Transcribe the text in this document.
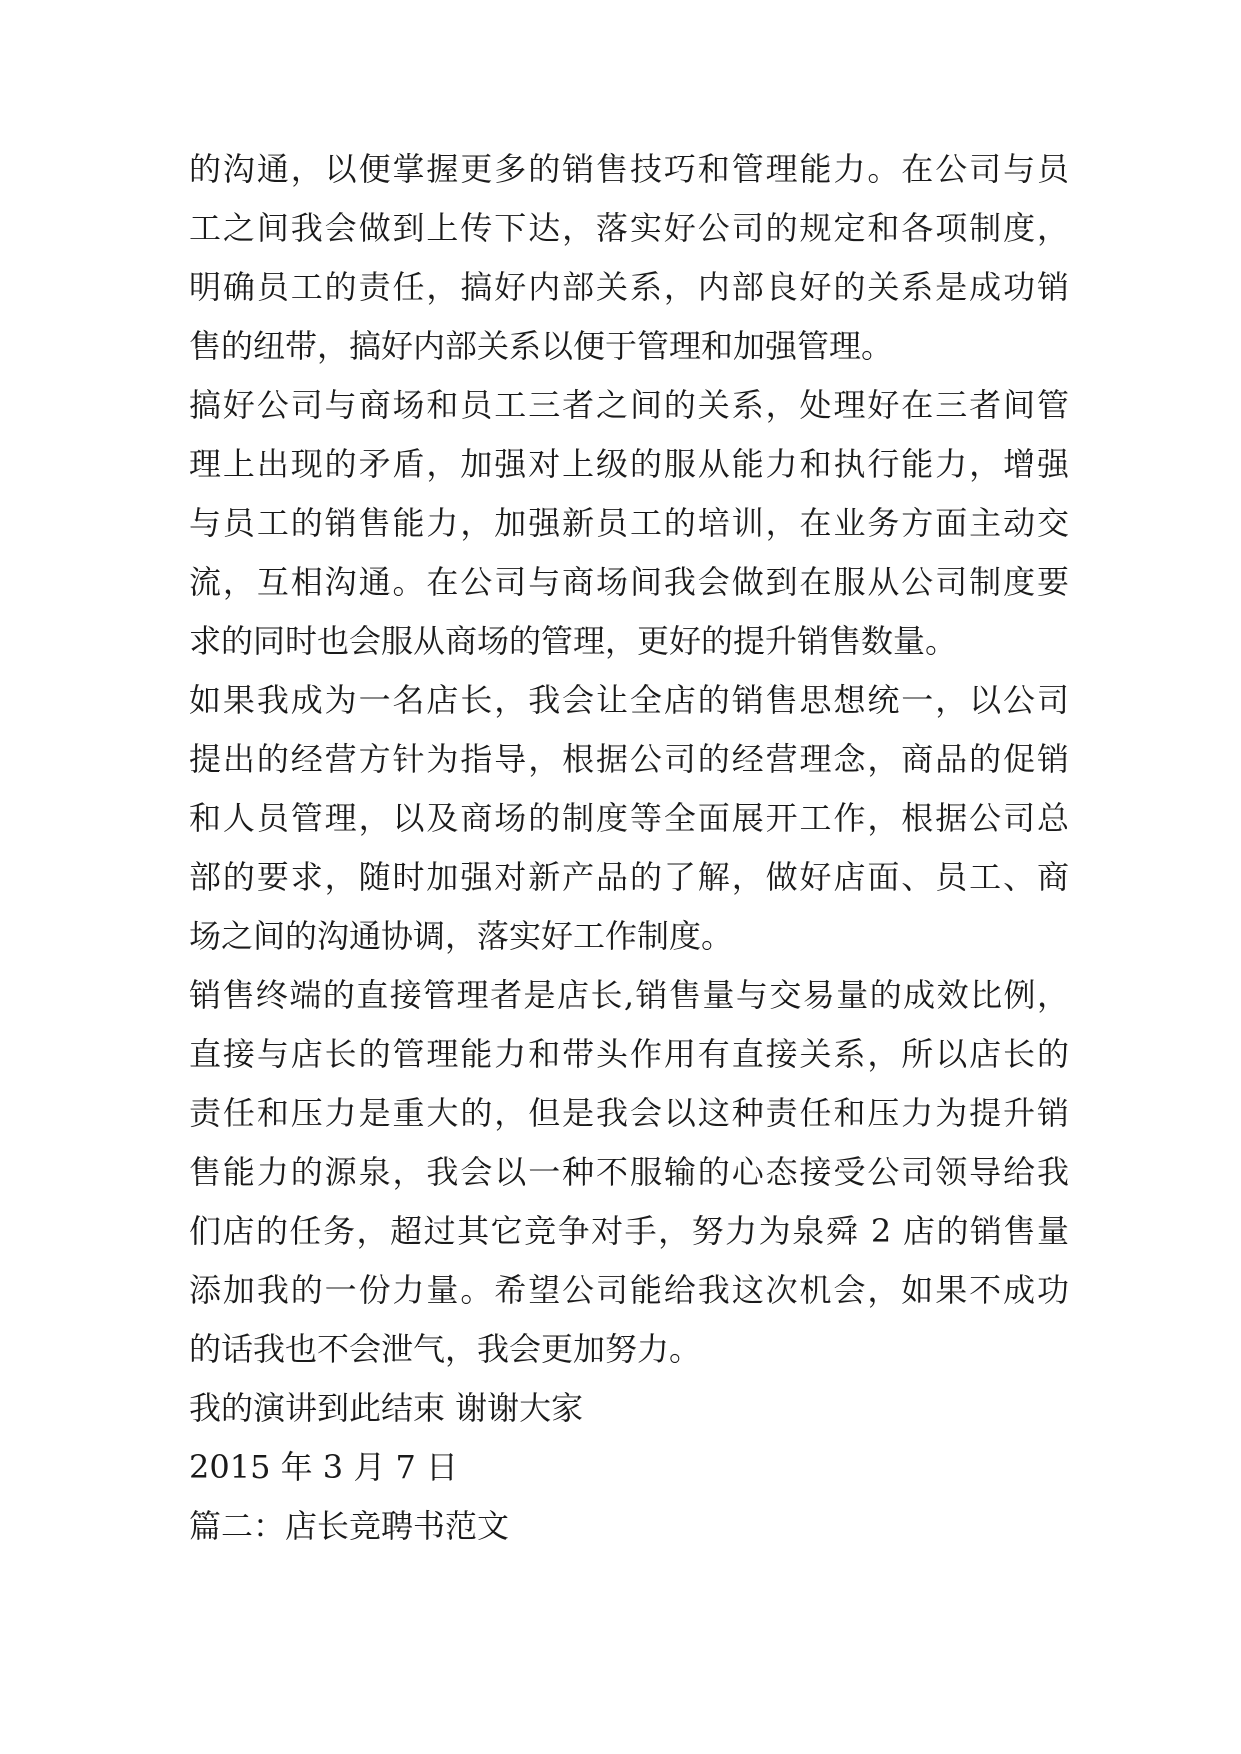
的沟通，以便掌握更多的销售技巧和管理能力。在公司与员
工之间我会做到上传下达，落实好公司的规定和各项制度，
明确员工的责任，搞好内部关系，内部良好的关系是成功销
售的纽带，搞好内部关系以便于管理和加强管理。
搞好公司与商场和员工三者之间的关系，处理好在三者间管
理上出现的矛盾，加强对上级的服从能力和执行能力，增强
与员工的销售能力，加强新员工的培训，在业务方面主动交
流，互相沟通。在公司与商场间我会做到在服从公司制度要
求的同时也会服从商场的管理，更好的提升销售数量。
如果我成为一名店长，我会让全店的销售思想统一，以公司
提出的经营方针为指导，根据公司的经营理念，商品的促销
和人员管理，以及商场的制度等全面展开工作，根据公司总
部的要求，随时加强对新产品的了解，做好店面、员工、商
场之间的沟通协调，落实好工作制度。
销售终端的直接管理者是店长,销售量与交易量的成效比例，
直接与店长的管理能力和带头作用有直接关系，所以店长的
责任和压力是重大的，但是我会以这种责任和压力为提升销
售能力的源泉，我会以一种不服输的心态接受公司领导给我
们店的任务，超过其它竞争对手，努力为泉舜 2 店的销售量
添加我的一份力量。希望公司能给我这次机会，如果不成功
的话我也不会泄气，我会更加努力。
我的演讲到此结束 谢谢大家
2015 年 3 月 7 日
篇二：店长竞聘书范文
